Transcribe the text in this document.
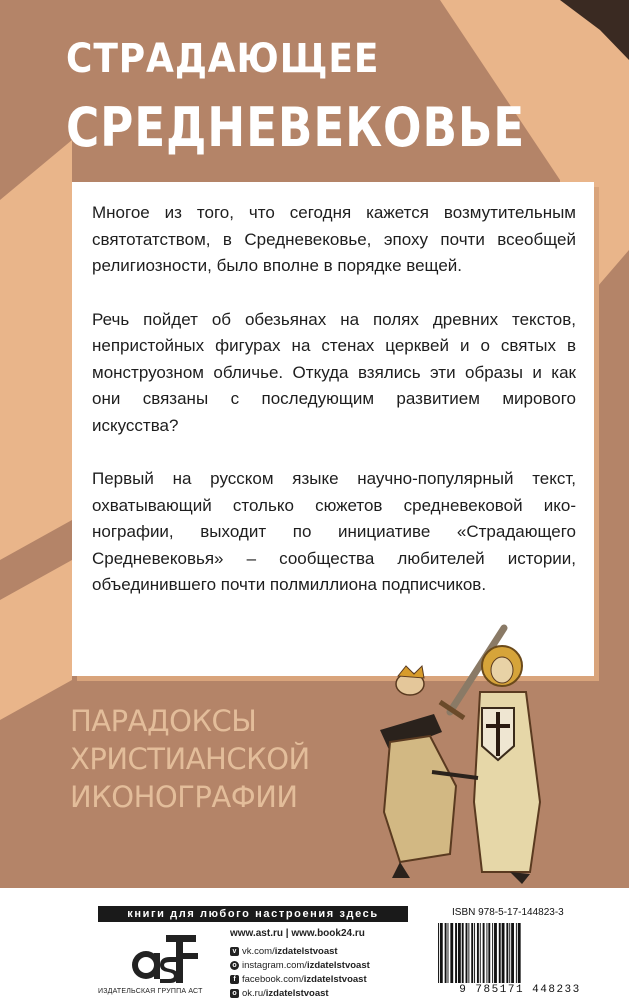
СТРАДАЮЩЕЕ
СРЕДНЕВЕКОВЬЕ

Многое из того, что сегодня кажется возмутительным святотатством, в Средневековье, эпоху почти всеобщей религиозности, было вполне в порядке вещей.

Речь пойдет об обезьянах на полях древних текстов, непристойных фигурах на стенах церквей и о святых в монструозном обличье. Откуда взялись эти образы и как они связаны с последующим развитием мирового искусства?

Первый на русском языке научно-популярный текст, охватывающий столько сюжетов средневековой иконографии, выходит по инициативе «Страдающего Средневековья» – сообщества любителей истории, объединившего почти полмиллиона подписчиков.

ПАРАДОКСЫ
ХРИСТИАНСКОЙ
ИКОНОГРАФИИ
книги для любого настроения здесь
ИЗДАТЕЛЬСКАЯ ГРУППА АСТ
www.ast.ru | www.book24.ru
v vk.com/ izdatelstvoast
o instagram.com/ izdatelstvoast
f facebook.com/ izdatelstvoast
o ok.ru/ izdatelstvoast
ISBN 978-5-17-144823-3
9 785171 448233
